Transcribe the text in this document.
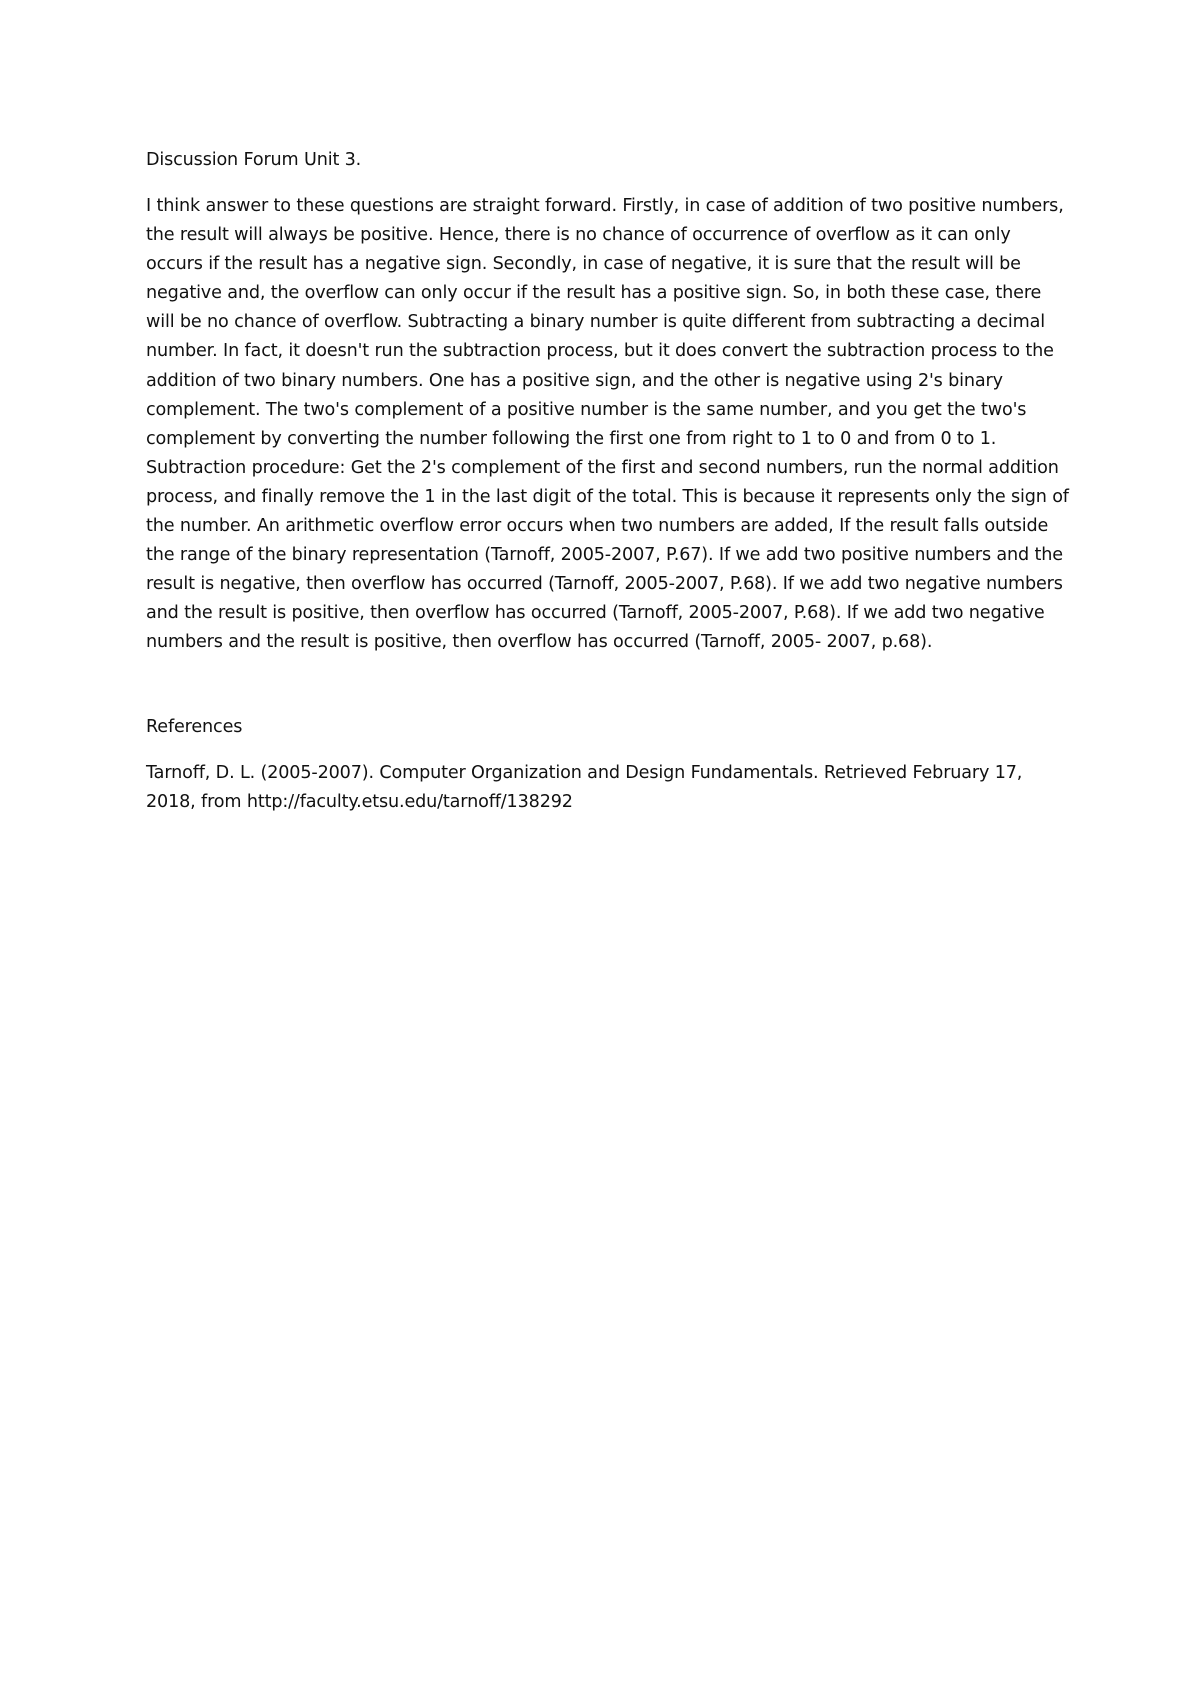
Discussion Forum Unit 3.

I think answer to these questions are straight forward. Firstly, in case of addition of two positive numbers, the result will always be positive. Hence, there is no chance of occurrence of overflow as it can only occurs if the result has a negative sign. Secondly, in case of negative, it is sure that the result will be negative and, the overflow can only occur if the result has a positive sign. So, in both these case, there will be no chance of overflow. Subtracting a binary number is quite different from subtracting a decimal number. In fact, it doesn't run the subtraction process, but it does convert the subtraction process to the addition of two binary numbers. One has a positive sign, and the other is negative using 2's binary complement. The two's complement of a positive number is the same number, and you get the two's complement by converting the number following the first one from right to 1 to 0 and from 0 to 1. Subtraction procedure: Get the 2's complement of the first and second numbers, run the normal addition process, and finally remove the 1 in the last digit of the total. This is because it represents only the sign of the number. An arithmetic overflow error occurs when two numbers are added, If the result falls outside the range of the binary representation (Tarnoff, 2005-2007, P.67). If we add two positive numbers and the result is negative, then overflow has occurred (Tarnoff, 2005-2007, P.68). If we add two negative numbers and the result is positive, then overflow has occurred (Tarnoff, 2005-2007, P.68). If we add two negative numbers and the result is positive, then overflow has occurred (Tarnoff, 2005- 2007, p.68).

References

Tarnoff, D. L. (2005-2007). Computer Organization and Design Fundamentals. Retrieved February 17, 2018, from http://faculty.etsu.edu/tarnoff/138292
